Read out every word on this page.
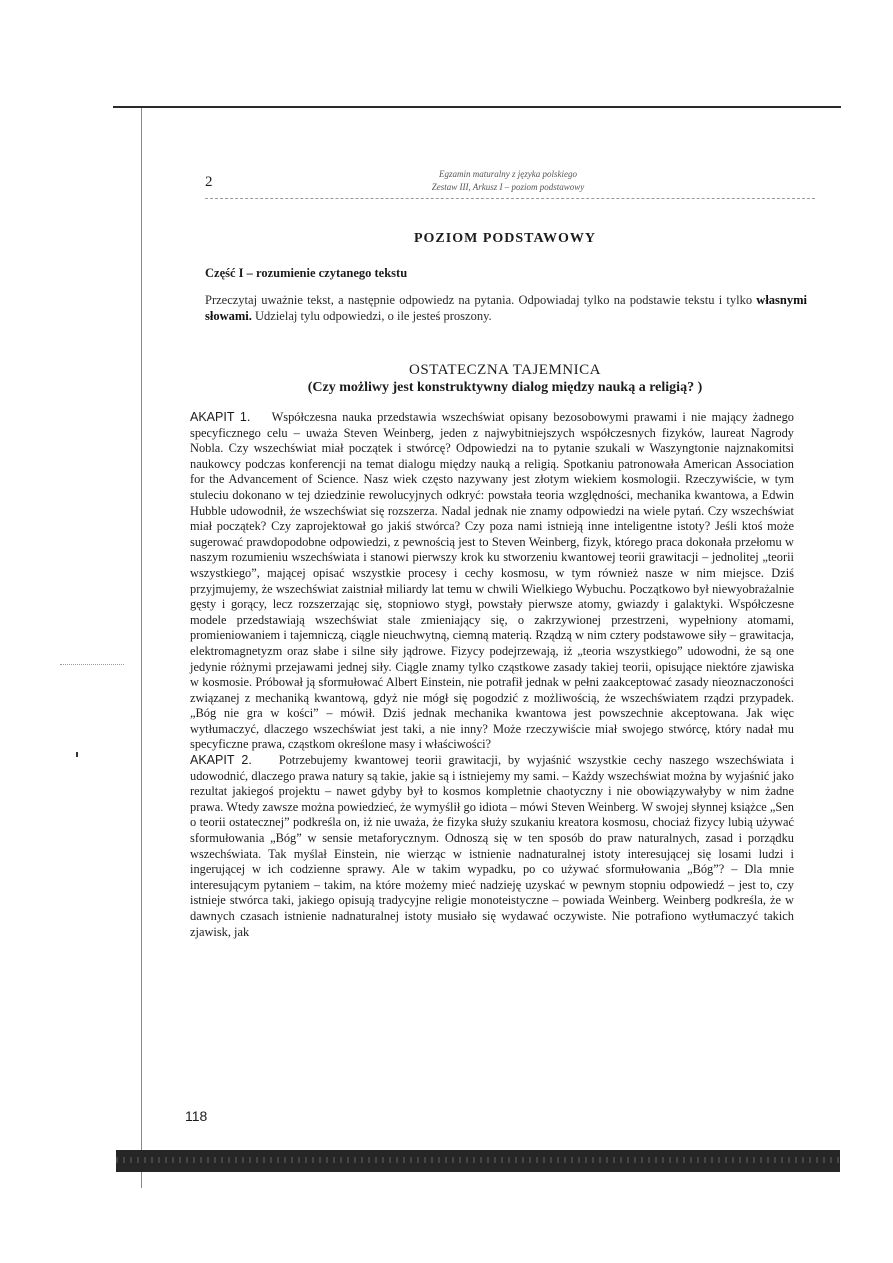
2	Egzamin maturalny z języka polskiego
Zestaw III, Arkusz I – poziom podstawowy
POZIOM PODSTAWOWY
Część I – rozumienie czytanego tekstu
Przeczytaj uważnie tekst, a następnie odpowiedz na pytania. Odpowiadaj tylko na podstawie tekstu i tylko własnymi słowami. Udzielaj tylu odpowiedzi, o ile jesteś proszony.
OSTATECZNA TAJEMNICA
(Czy możliwy jest konstruktywny dialog między nauką a religią? )

AKAPIT 1. Współczesna nauka przedstawia wszechświat opisany bezosobowymi prawami i nie mający żadnego specyficznego celu – uważa Steven Weinberg, jeden z najwybitniejszych współczesnych fizyków, laureat Nagrody Nobla. Czy wszechświat miał początek i stwórcę? Odpowiedzi na to pytanie szukali w Waszyngtonie najznakomitsi naukowcy podczas konferencji na temat dialogu między nauką a religią. Spotkaniu patronowała American Association for the Advancement of Science. Nasz wiek często nazywany jest złotym wiekiem kosmologii. Rzeczywiście, w tym stuleciu dokonano w tej dziedzinie rewolucyjnych odkryć: powstała teoria względności, mechanika kwantowa, a Edwin Hubble udowodnił, że wszechświat się rozszerza. Nadal jednak nie znamy odpowiedzi na wiele pytań. Czy wszechświat miał początek? Czy zaprojektował go jakiś stwórca? Czy poza nami istnieją inne inteligentne istoty? Jeśli ktoś może sugerować prawdopodobne odpowiedzi, z pewnością jest to Steven Weinberg, fizyk, którego praca dokonała przełomu w naszym rozumieniu wszechświata i stanowi pierwszy krok ku stworzeniu kwantowej teorii grawitacji – jednolitej „teorii wszystkiego”, mającej opisać wszystkie procesy i cechy kosmosu, w tym również nasze w nim miejsce. Dziś przyjmujemy, że wszechświat zaistniał miliardy lat temu w chwili Wielkiego Wybuchu. Początkowo był niewyobrażalnie gęsty i gorący, lecz rozszerzając się, stopniowo stygł, powstały pierwsze atomy, gwiazdy i galaktyki. Współczesne modele przedstawiają wszechświat stale zmieniający się, o zakrzywionej przestrzeni, wypełniony atomami, promieniowaniem i tajemniczą, ciągle nieuchwytną, ciemną materią. Rządzą w nim cztery podstawowe siły – grawitacja, elektromagnetyzm oraz słabe i silne siły jądrowe. Fizycy podejrzewają, iż „teoria wszystkiego” udowodni, że są one jedynie różnymi przejawami jednej siły. Ciągle znamy tylko cząstkowe zasady takiej teorii, opisujące niektóre zjawiska w kosmosie. Próbował ją sformułować Albert Einstein, nie potrafił jednak w pełni zaakceptować zasady nieoznaczoności związanej z mechaniką kwantową, gdyż nie mógł się pogodzić z możliwością, że wszechświatem rządzi przypadek. „Bóg nie gra w kości” – mówił. Dziś jednak mechanika kwantowa jest powszechnie akceptowana. Jak więc wytłumaczyć, dlaczego wszechświat jest taki, a nie inny? Może rzeczywiście miał swojego stwórcę, który nadał mu specyficzne prawa, cząstkom określone masy i właściwości?

AKAPIT 2. Potrzebujemy kwantowej teorii grawitacji, by wyjaśnić wszystkie cechy naszego wszechświata i udowodnić, dlaczego prawa natury są takie, jakie są i istniejemy my sami. – Każdy wszechświat można by wyjaśnić jako rezultat jakiegoś projektu – nawet gdyby był to kosmos kompletnie chaotyczny i nie obowiązywałyby w nim żadne prawa. Wtedy zawsze można powiedzieć, że wymyślił go idiota – mówi Steven Weinberg. W swojej słynnej książce „Sen o teorii ostatecznej” podkreśla on, iż nie uważa, że fizyka służy szukaniu kreatora kosmosu, chociaż fizycy lubią używać sformułowania „Bóg” w sensie metaforycznym. Odnoszą się w ten sposób do praw naturalnych, zasad i porządku wszechświata. Tak myślał Einstein, nie wierząc w istnienie nadnaturalnej istoty interesującej się losami ludzi i ingerującej w ich codzienne sprawy. Ale w takim wypadku, po co używać sformułowania „Bóg”? – Dla mnie interesującym pytaniem – takim, na które możemy mieć nadzieję uzyskać w pewnym stopniu odpowiedź – jest to, czy istnieje stwórca taki, jakiego opisują tradycyjne religie monoteistyczne – powiada Weinberg. Weinberg podkreśla, że w dawnych czasach istnienie nadnaturalnej istoty musiało się wydawać oczywiste. Nie potrafiono wytłumaczyć takich zjawisk, jak

118
